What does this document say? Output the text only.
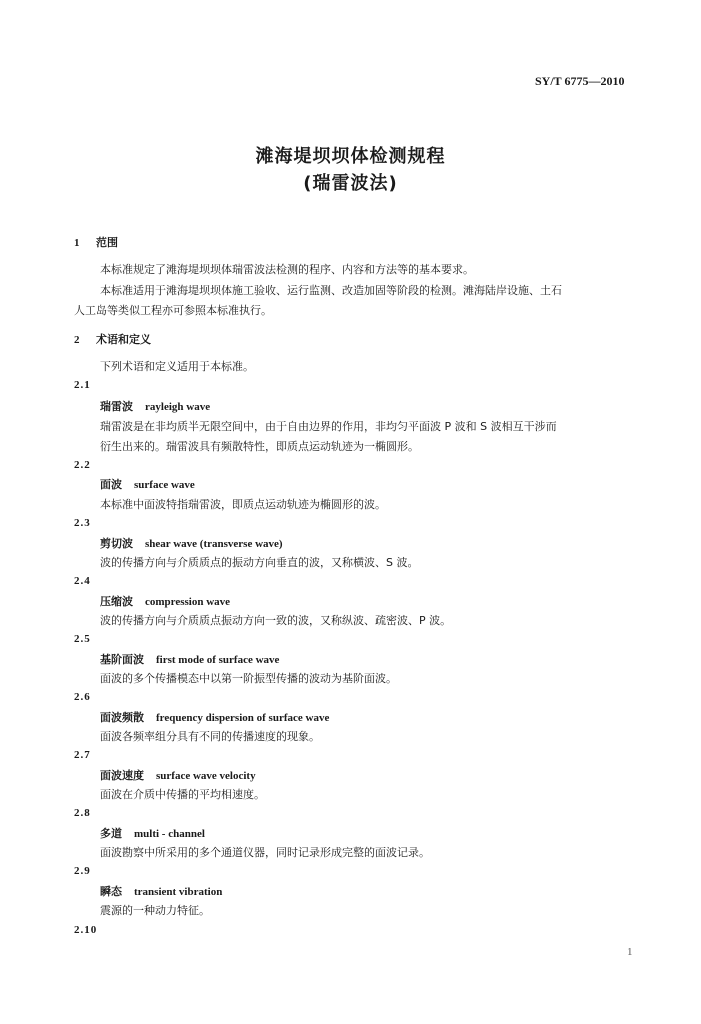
SY/T 6775—2010
滩海堤坝坝体检测规程
(瑞雷波法)
1 范围
本标准规定了滩海堤坝坝体瑞雷波法检测的程序、内容和方法等的基本要求。
本标准适用于滩海堤坝坝体施工验收、运行监测、改造加固等阶段的检测。滩海陆岸设施、土石
人工岛等类似工程亦可参照本标准执行。
2 术语和定义
下列术语和定义适用于本标准。
2.1
瑞雷波 rayleigh wave
瑞雷波是在非均质半无限空间中，由于自由边界的作用，非均匀平面波 P 波和 S 波相互干涉而
衍生出来的。瑞雷波具有频散特性，即质点运动轨迹为一椭圆形。
2.2
面波 surface wave
本标准中面波特指瑞雷波，即质点运动轨迹为椭圆形的波。
2.3
剪切波 shear wave (transverse wave)
波的传播方向与介质质点的振动方向垂直的波，又称横波、S 波。
2.4
压缩波 compression wave
波的传播方向与介质质点振动方向一致的波，又称纵波、疏密波、P 波。
2.5
基阶面波 first mode of surface wave
面波的多个传播模态中以第一阶振型传播的波动为基阶面波。
2.6
面波频散 frequency dispersion of surface wave
面波各频率组分具有不同的传播速度的现象。
2.7
面波速度 surface wave velocity
面波在介质中传播的平均相速度。
2.8
多道 multi - channel
面波勘察中所采用的多个通道仪器，同时记录形成完整的面波记录。
2.9
瞬态 transient vibration
震源的一种动力特征。
2.10
1
